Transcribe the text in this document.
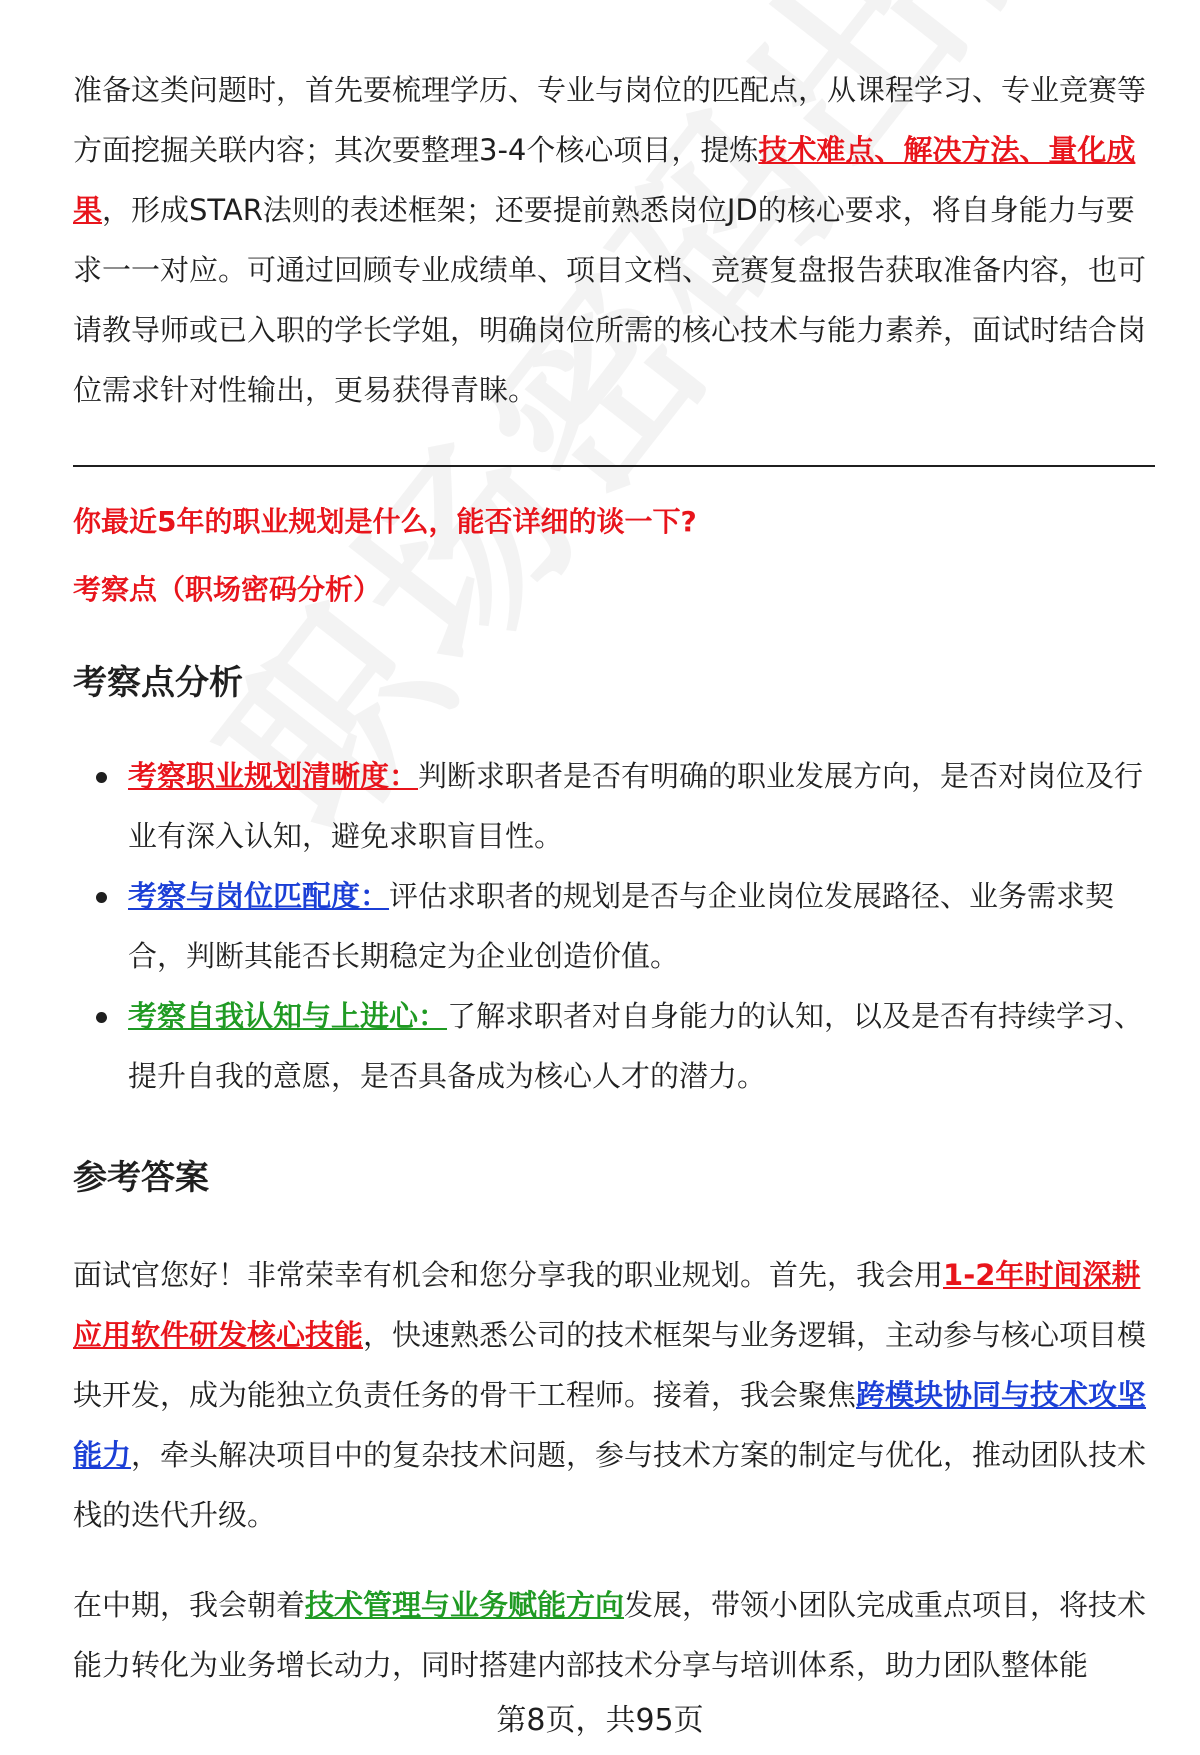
准备这类问题时，首先要梳理学历、专业与岗位的匹配点，从课程学习、专业竞赛等方面挖掘关联内容；其次要整理3-4个核心项目，提炼技术难点、解决方法、量化成果，形成STAR法则的表述框架；还要提前熟悉岗位JD的核心要求，将自身能力与要求一一对应。可通过回顾专业成绩单、项目文档、竞赛复盘报告获取准备内容，也可请教导师或已入职的学长学姐，明确岗位所需的核心技术与能力素养，面试时结合岗位需求针对性输出，更易获得青睐。

你最近5年的职业规划是什么，能否详细的谈一下?
考察点（职场密码分析）
考察点分析
考察职业规划清晰度：判断求职者是否有明确的职业发展方向，是否对岗位及行业有深入认知，避免求职盲目性。
考察与岗位匹配度：评估求职者的规划是否与企业岗位发展路径、业务需求契合，判断其能否长期稳定为企业创造价值。
考察自我认知与上进心：了解求职者对自身能力的认知，以及是否有持续学习、提升自我的意愿，是否具备成为核心人才的潜力。
参考答案

面试官您好！非常荣幸有机会和您分享我的职业规划。首先，我会用1-2年时间深耕应用软件研发核心技能，快速熟悉公司的技术框架与业务逻辑，主动参与核心项目模块开发，成为能独立负责任务的骨干工程师。接着，我会聚焦跨模块协同与技术攻坚能力，牵头解决项目中的复杂技术问题，参与技术方案的制定与优化，推动团队技术栈的迭代升级。

在中期，我会朝着技术管理与业务赋能方向发展，带领小团队完成重点项目，将技术能力转化为业务增长动力，同时搭建内部技术分享与培训体系，助力团队整体能

第8页，共95页
